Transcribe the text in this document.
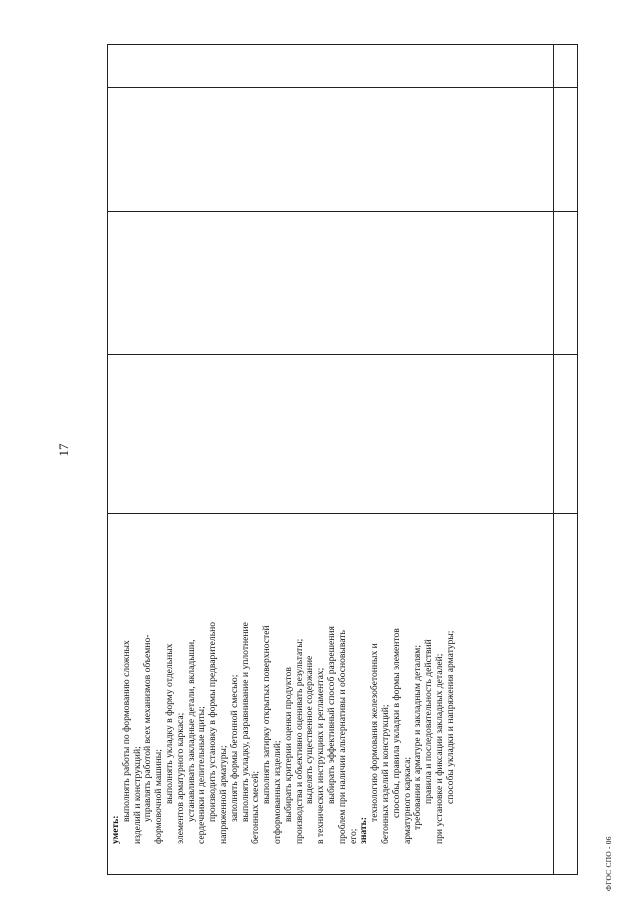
17
уметь:
выполнять работы по формованию сложных изделий и конструкций; управлять работой всех механизмов объемно- формовочной машины; выполнять укладку в форму отдельных элементов арматурного каркаса; устанавливать закладные детали, вкладыши, сердечники и делительные щиты; производить установку в формы предварительно напряженной арматуры; заполнять формы бетонной смесью; выполнять укладку, разравнивание и уплотнение бетонных смесей;
выполнять затирку открытых поверхностей отформованных изделий; выбирать критерии оценки продуктов производства и объективно оценивать результаты; выделять существенное содержание в технических инструкциях и регламентах; выбирать эффективный способ разрешения проблем при наличии альтернативы и обосновывать его; знать:
технологию формования железобетонных и бетонных изделий и конструкций; способы, правила укладки в формы элементов арматурного каркаса; требования к арматуре и закладным деталям; правила и последовательность действий при установке и фиксации закладных деталей; способы укладки и напряжения арматуры;
ФГОС СПО - 06
